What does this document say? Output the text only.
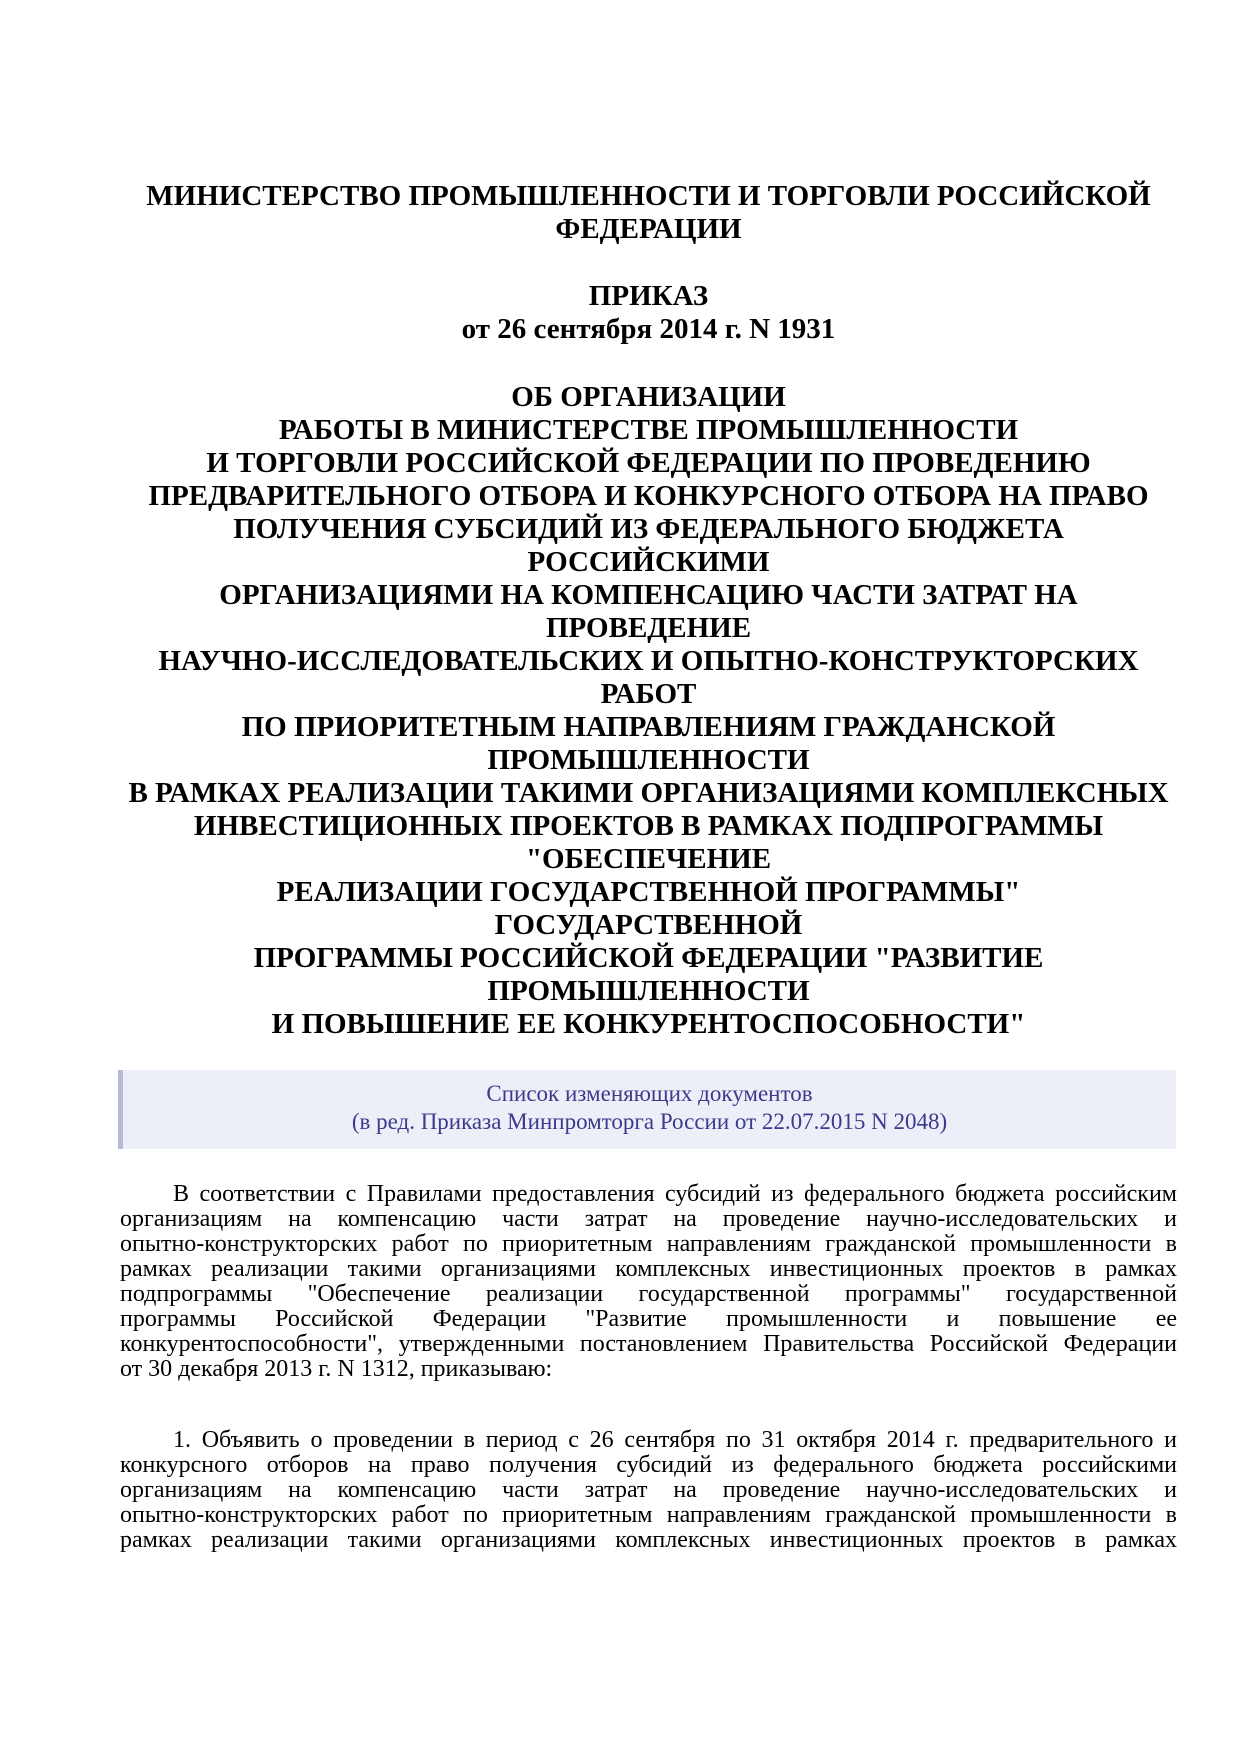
МИНИСТЕРСТВО ПРОМЫШЛЕННОСТИ И ТОРГОВЛИ РОССИЙСКОЙ
ФЕДЕРАЦИИ
ПРИКАЗ
от 26 сентября 2014 г. N 1931
ОБ ОРГАНИЗАЦИИ
РАБОТЫ В МИНИСТЕРСТВЕ ПРОМЫШЛЕННОСТИ
И ТОРГОВЛИ РОССИЙСКОЙ ФЕДЕРАЦИИ ПО ПРОВЕДЕНИЮ
ПРЕДВАРИТЕЛЬНОГО ОТБОРА И КОНКУРСНОГО ОТБОРА НА ПРАВО
ПОЛУЧЕНИЯ СУБСИДИЙ ИЗ ФЕДЕРАЛЬНОГО БЮДЖЕТА
РОССИЙСКИМИ
ОРГАНИЗАЦИЯМИ НА КОМПЕНСАЦИЮ ЧАСТИ ЗАТРАТ НА
ПРОВЕДЕНИЕ
НАУЧНО-ИССЛЕДОВАТЕЛЬСКИХ И ОПЫТНО-КОНСТРУКТОРСКИХ
РАБОТ
ПО ПРИОРИТЕТНЫМ НАПРАВЛЕНИЯМ ГРАЖДАНСКОЙ
ПРОМЫШЛЕННОСТИ
В РАМКАХ РЕАЛИЗАЦИИ ТАКИМИ ОРГАНИЗАЦИЯМИ КОМПЛЕКСНЫХ
ИНВЕСТИЦИОННЫХ ПРОЕКТОВ В РАМКАХ ПОДПРОГРАММЫ
"ОБЕСПЕЧЕНИЕ
РЕАЛИЗАЦИИ ГОСУДАРСТВЕННОЙ ПРОГРАММЫ"
ГОСУДАРСТВЕННОЙ
ПРОГРАММЫ РОССИЙСКОЙ ФЕДЕРАЦИИ "РАЗВИТИЕ
ПРОМЫШЛЕННОСТИ
И ПОВЫШЕНИЕ ЕЕ КОНКУРЕНТОСПОСОБНОСТИ"
Список изменяющих документов
(в ред. Приказа Минпромторга России от 22.07.2015 N 2048)
В соответствии с Правилами предоставления субсидий из федерального бюджета российским
организациям на компенсацию части затрат на проведение научно-исследовательских и
опытно-конструкторских работ по приоритетным направлениям гражданской промышленности в
рамках реализации такими организациями комплексных инвестиционных проектов в рамках
подпрограммы "Обеспечение реализации государственной программы" государственной
программы Российской Федерации "Развитие промышленности и повышение ее
конкурентоспособности", утвержденными постановлением Правительства Российской Федерации
от 30 декабря 2013 г. N 1312, приказываю:
1. Объявить о проведении в период с 26 сентября по 31 октября 2014 г. предварительного и
конкурсного отборов на право получения субсидий из федерального бюджета российскими
организациям на компенсацию части затрат на проведение научно-исследовательских и
опытно-конструкторских работ по приоритетным направлениям гражданской промышленности в
рамках реализации такими организациями комплексных инвестиционных проектов в рамках
